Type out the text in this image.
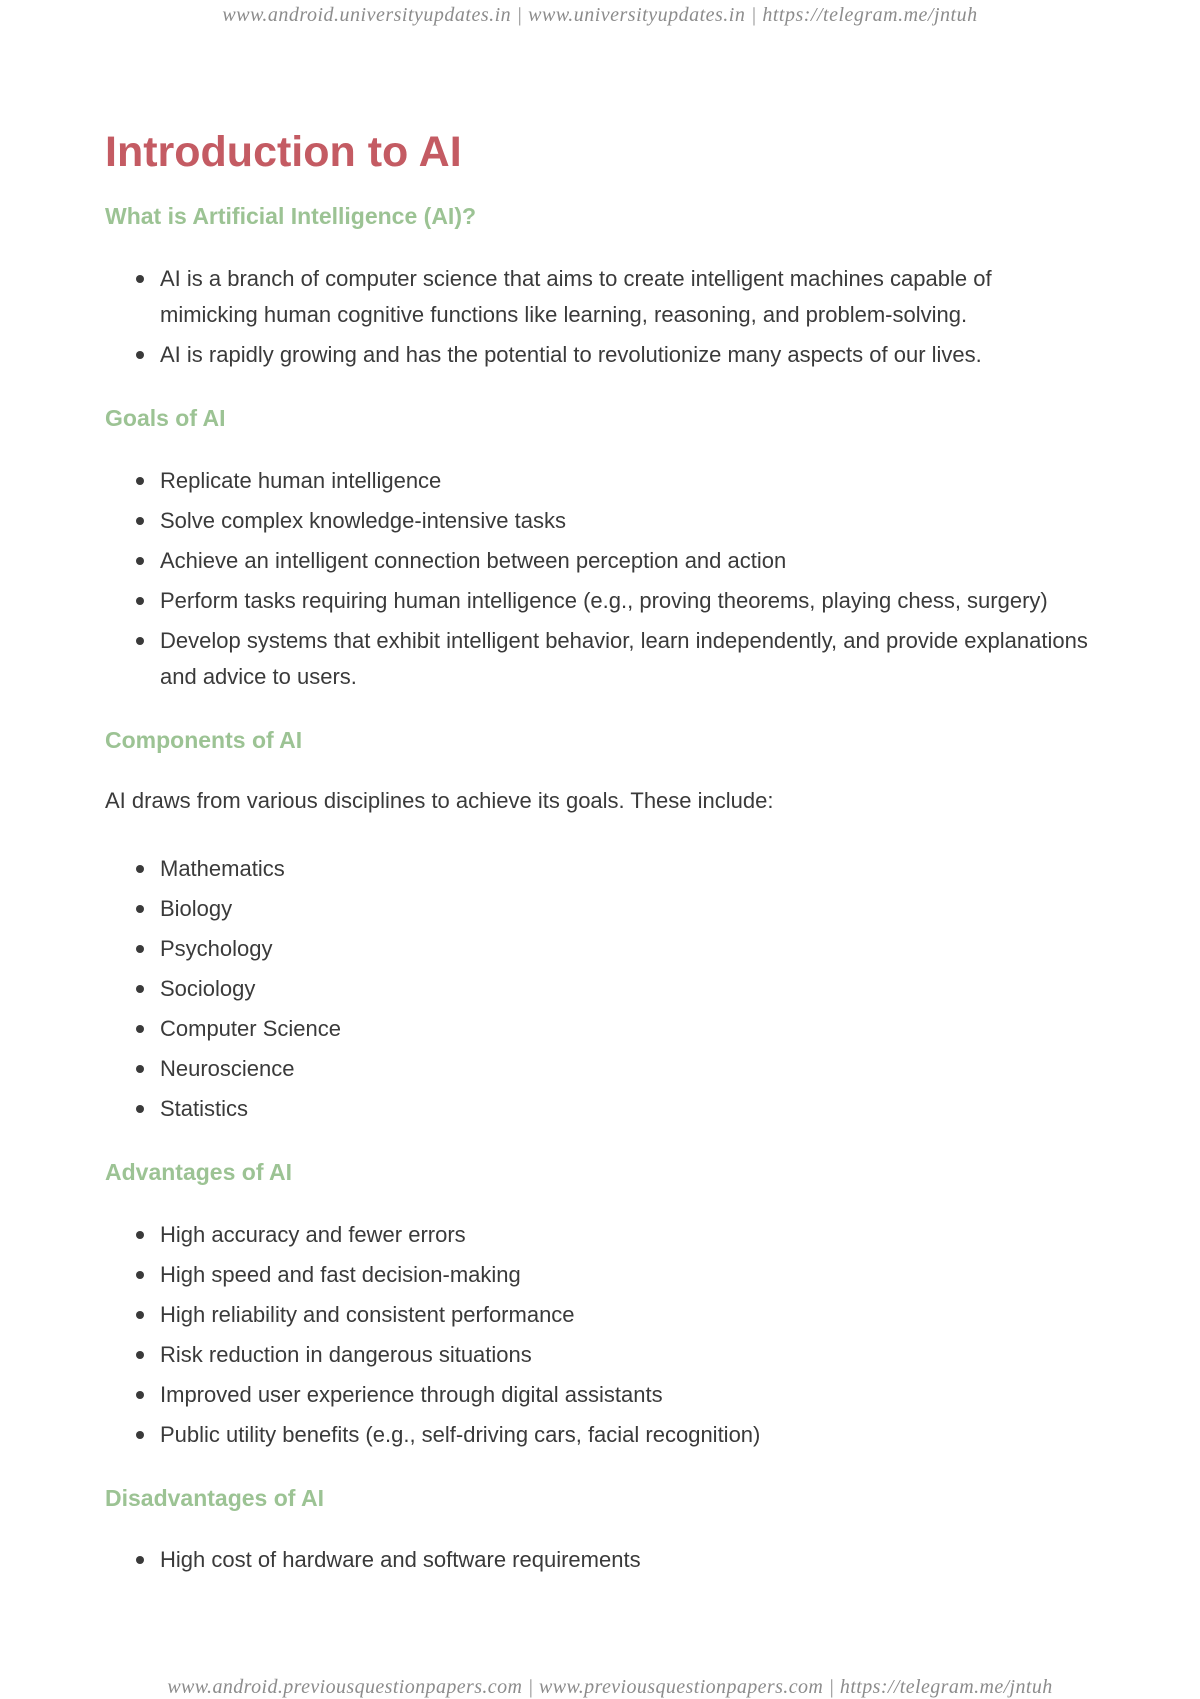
www.android.universityupdates.in | www.universityupdates.in | https://telegram.me/jntuh
Introduction to AI
What is Artificial Intelligence (AI)?
AI is a branch of computer science that aims to create intelligent machines capable of mimicking human cognitive functions like learning, reasoning, and problem-solving.
AI is rapidly growing and has the potential to revolutionize many aspects of our lives.
Goals of AI
Replicate human intelligence
Solve complex knowledge-intensive tasks
Achieve an intelligent connection between perception and action
Perform tasks requiring human intelligence (e.g., proving theorems, playing chess, surgery)
Develop systems that exhibit intelligent behavior, learn independently, and provide explanations and advice to users.
Components of AI

AI draws from various disciplines to achieve its goals. These include:

Mathematics
Biology
Psychology
Sociology
Computer Science
Neuroscience
Statistics
Advantages of AI
High accuracy and fewer errors
High speed and fast decision-making
High reliability and consistent performance
Risk reduction in dangerous situations
Improved user experience through digital assistants
Public utility benefits (e.g., self-driving cars, facial recognition)
Disadvantages of AI
High cost of hardware and software requirements
www.android.previousquestionpapers.com | www.previousquestionpapers.com | https://telegram.me/jntuh
